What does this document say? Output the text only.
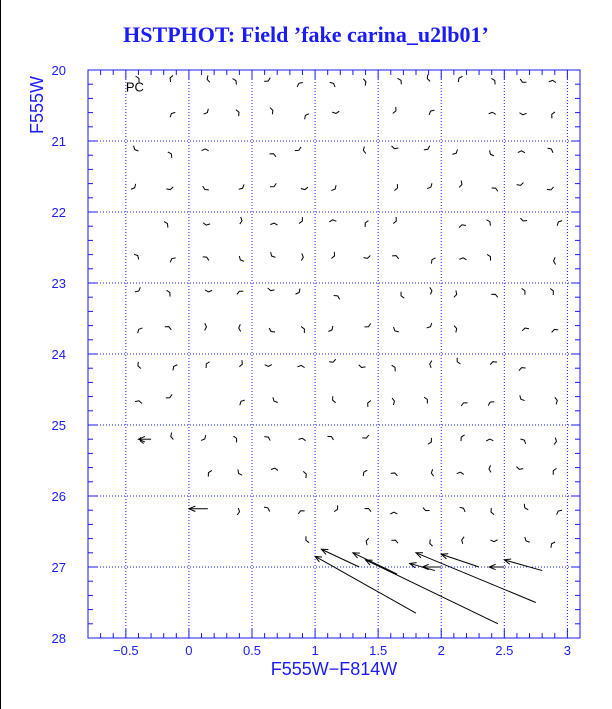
HSTPHOT: Field ’fake carina_u2lb01’
−0.5	0	0.5	1	1.5	2	2.5	3
20
21
22
23
24
25
26
27
28
F555W−F814W
F555W	PC
